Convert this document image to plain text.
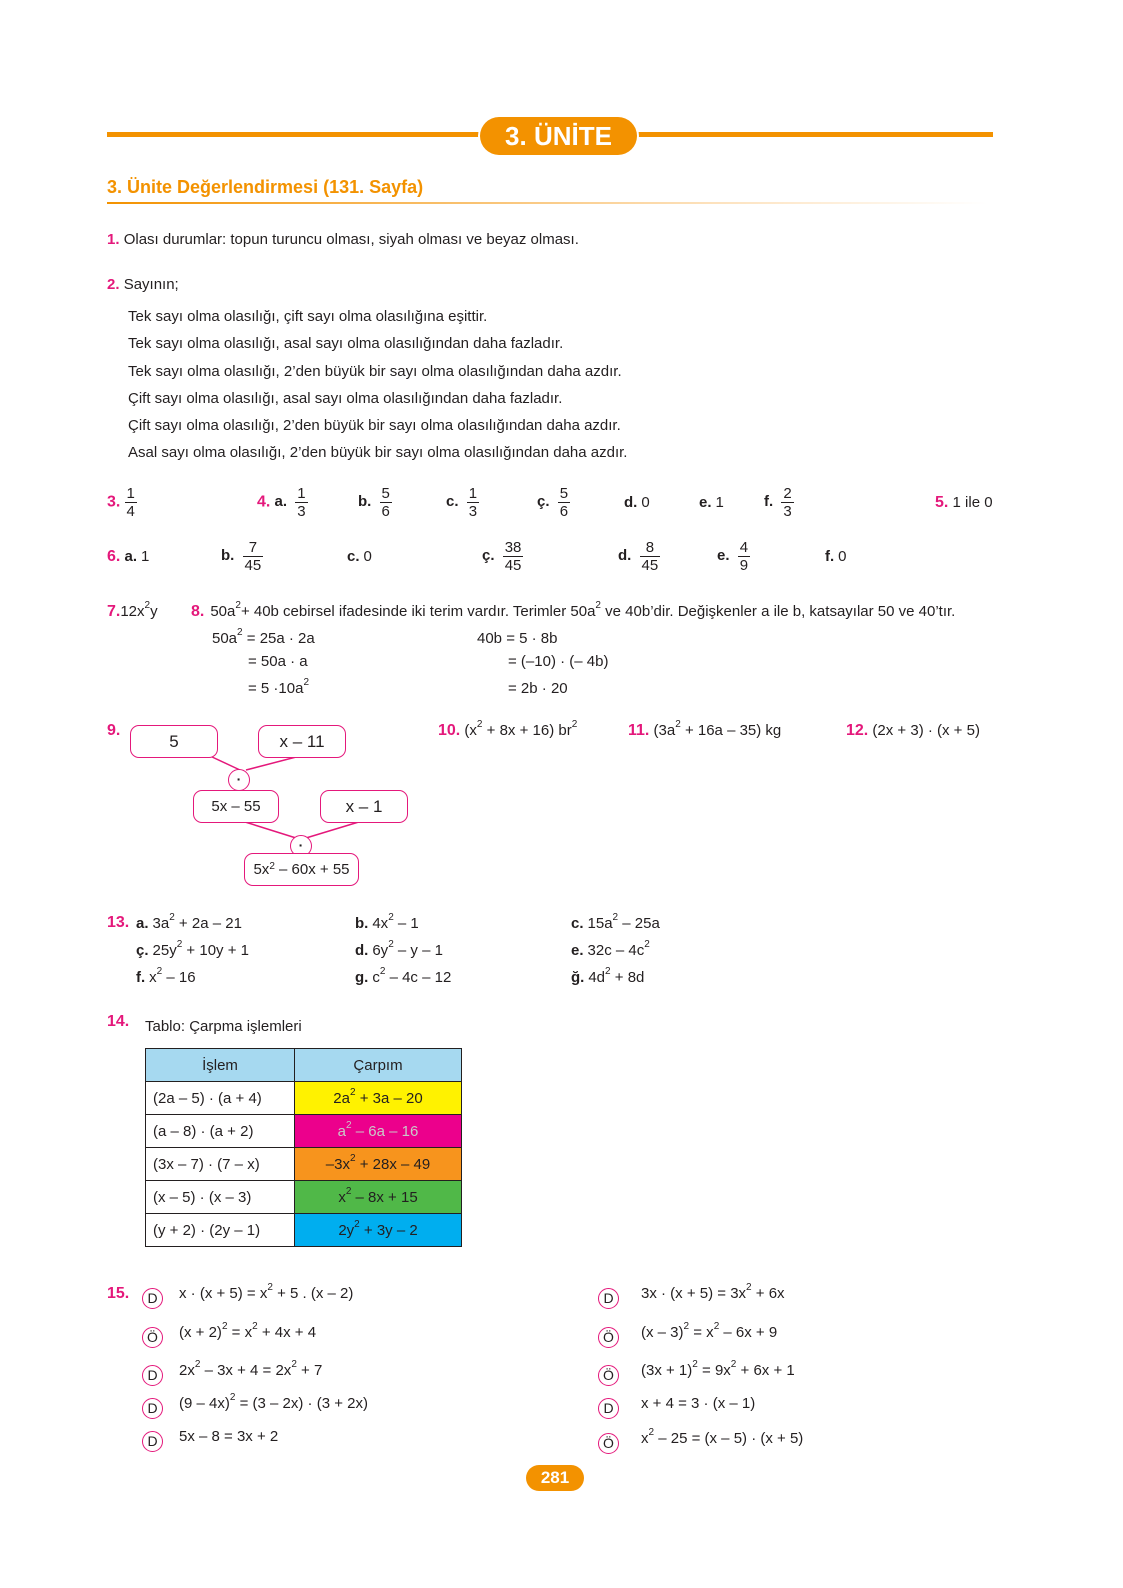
3. ÜNİTE
3. Ünite Değerlendirmesi (131. Sayfa)
1. Olası durumlar: topun turuncu olması, siyah olması ve beyaz olması.
2. Sayının;
Tek sayı olma olasılığı, çift sayı olma olasılığına eşittir.
Tek sayı olma olasılığı, asal sayı olma olasılığından daha fazladır.
Tek sayı olma olasılığı, 2’den büyük bir sayı olma olasılığından daha azdır.
Çift sayı olma olasılığı, asal sayı olma olasılığından daha fazladır.
Çift sayı olma olasılığı, 2’den büyük bir sayı olma olasılığından daha azdır.
Asal sayı olma olasılığı, 2’den büyük bir sayı olma olasılığından daha azdır.
3. $\frac{1}{4}$	4. a. $\frac{1}{3}$	b. $\frac{5}{6}$	c. $\frac{1}{3}$	ç. $\frac{5}{6}$	d. 0	e. 1	f. $\frac{2}{3}$	5. 1 ile 0
6. a. 1	b. $\frac{7}{45}$	c. 0	ç. $\frac{38}{45}$	d. $\frac{8}{45}$	e. $\frac{4}{9}$	f. 0
$7.12x^2y$ 8. $50a^2+ 40b$ cebirsel ifadesinde iki terim vardır. Terimler $50a^2$ ve 40b’dir. Değişkenler a ile b, katsayılar 50 ve 40’tır.
$50a^2 = 25a \cdot 2a$
= 50a · a
= $5 \cdot 10a^2$
40b = 5 · 8b
= (–10) · (– 4b)
= 2b · 20
9.
5	x – 11
·
5x – 55	x – 1
·
$5x^2 - 60x + 55$
10. $(x^2 + 8x + 16)$ $br^2$	11. $(3a^2 + 16a - 35)$ kg	12. (2x + 3) · (x + 5)
13. a. $3a^2 + 2a - 21$	b. $4x^2 - 1$	c. $15a^2 - 25a$
ç. $25y^2 + 10y + 1$	d. $6y^2$ – y – 1	e. $32c - 4c^2$
f. $x^2 - 16$	g. $c^2 - 4c - 12$	ğ. $4d^2 + 8d$
14. Tablo: Çarpma işlemleri
İşlem	Çarpım
(2a – 5) · (a + 4)	$2a^2 + 3a - 20$
(a – 8) · (a + 2)	$a^2 - 6a - 16$
(3x – 7) · (7 – x)	$-3x^2 + 28x - 49$
(x – 5) · (x – 3)	$x^2 - 8x + 15$
(y + 2) · (2y – 1)	$2y^2 + 3y - 2$
15.	D	$x \cdot (x + 5) = x^2 + 5$ . (x – 2)
Ö	$(x + 2)^2 = x^2 + 4x + 4$
D	$2x^2 - 3x + 4 = 2x^2 + 7$
D	(9 – 4x)$^2$ = (3 – 2x) · (3 + 2x)
D	5x – 8 = 3x + 2
D	$3x \cdot (x + 5) = 3x^2 + 6x$
Ö	$(x - 3)^2 = x^2 - 6x + 9$
Ö	$(3x + 1)^2 = 9x^2 + 6x + 1$
D	x + 4 = 3 · (x – 1)
Ö	$x^2 - 25 = (x - 5) \cdot (x + 5)$
281
